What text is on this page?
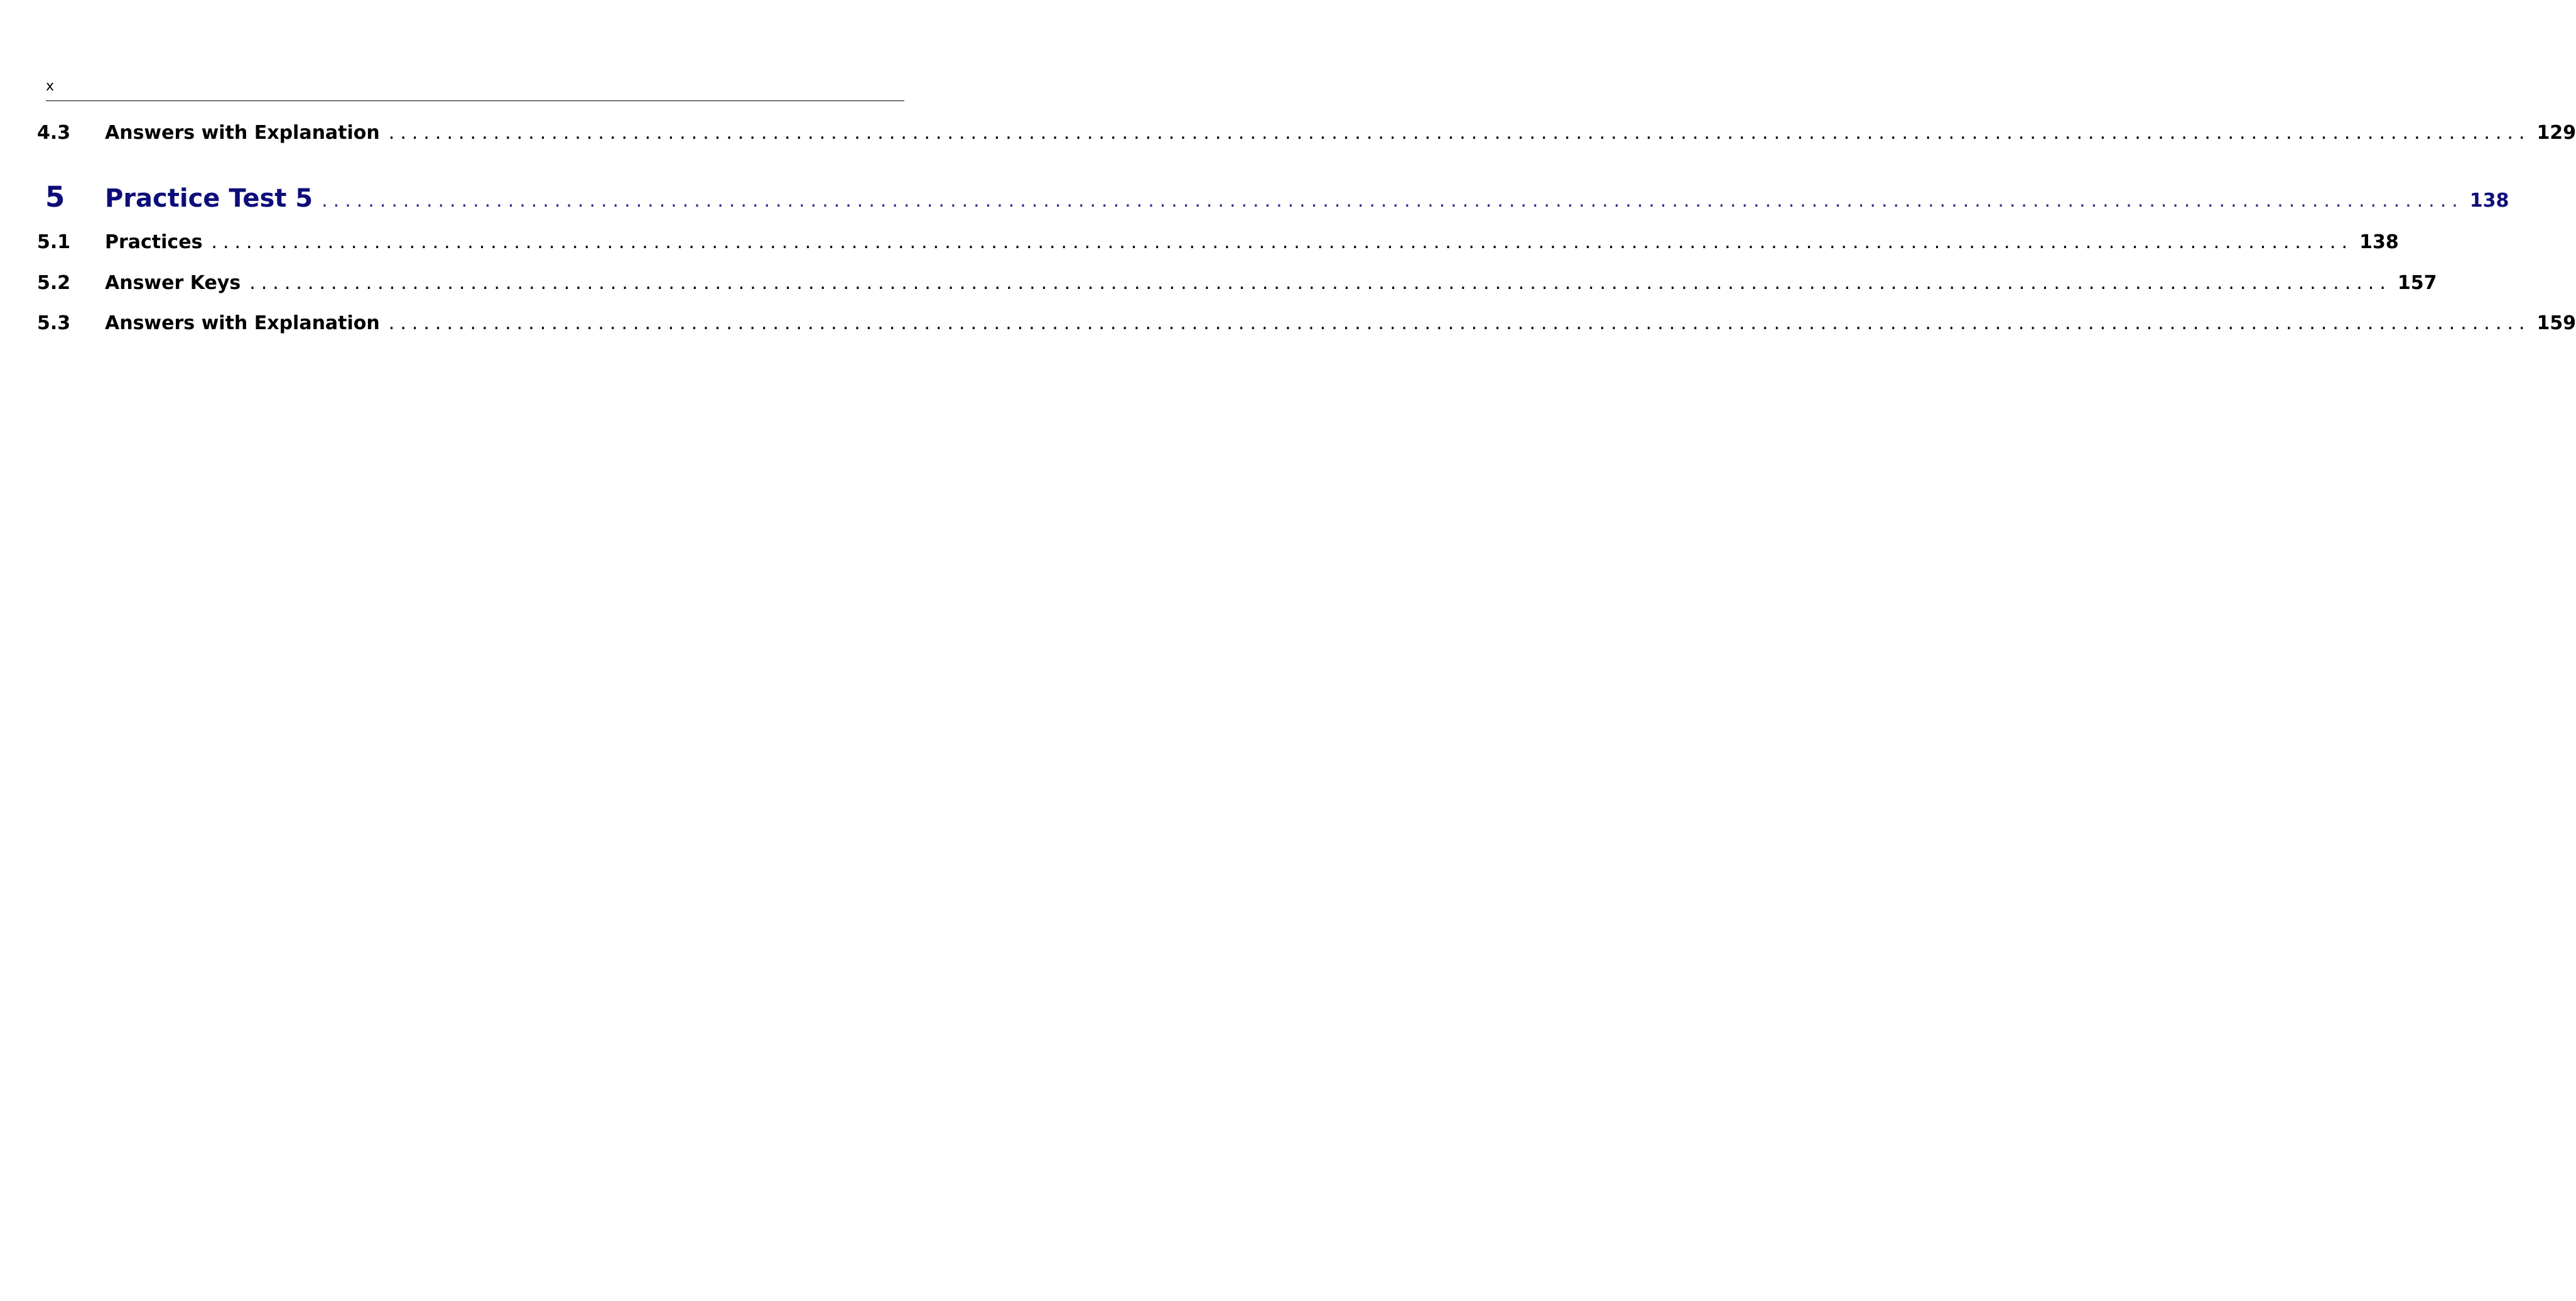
x
4.3	Answers with Explanation ........................................................................................................................................................................................ 129
5	Practice Test 5 ........................................................................................................................................................................................ 138
5.1	Practices ........................................................................................................................................................................................ 138
5.2	Answer Keys ........................................................................................................................................................................................ 157
5.3	Answers with Explanation ........................................................................................................................................................................................ 159
